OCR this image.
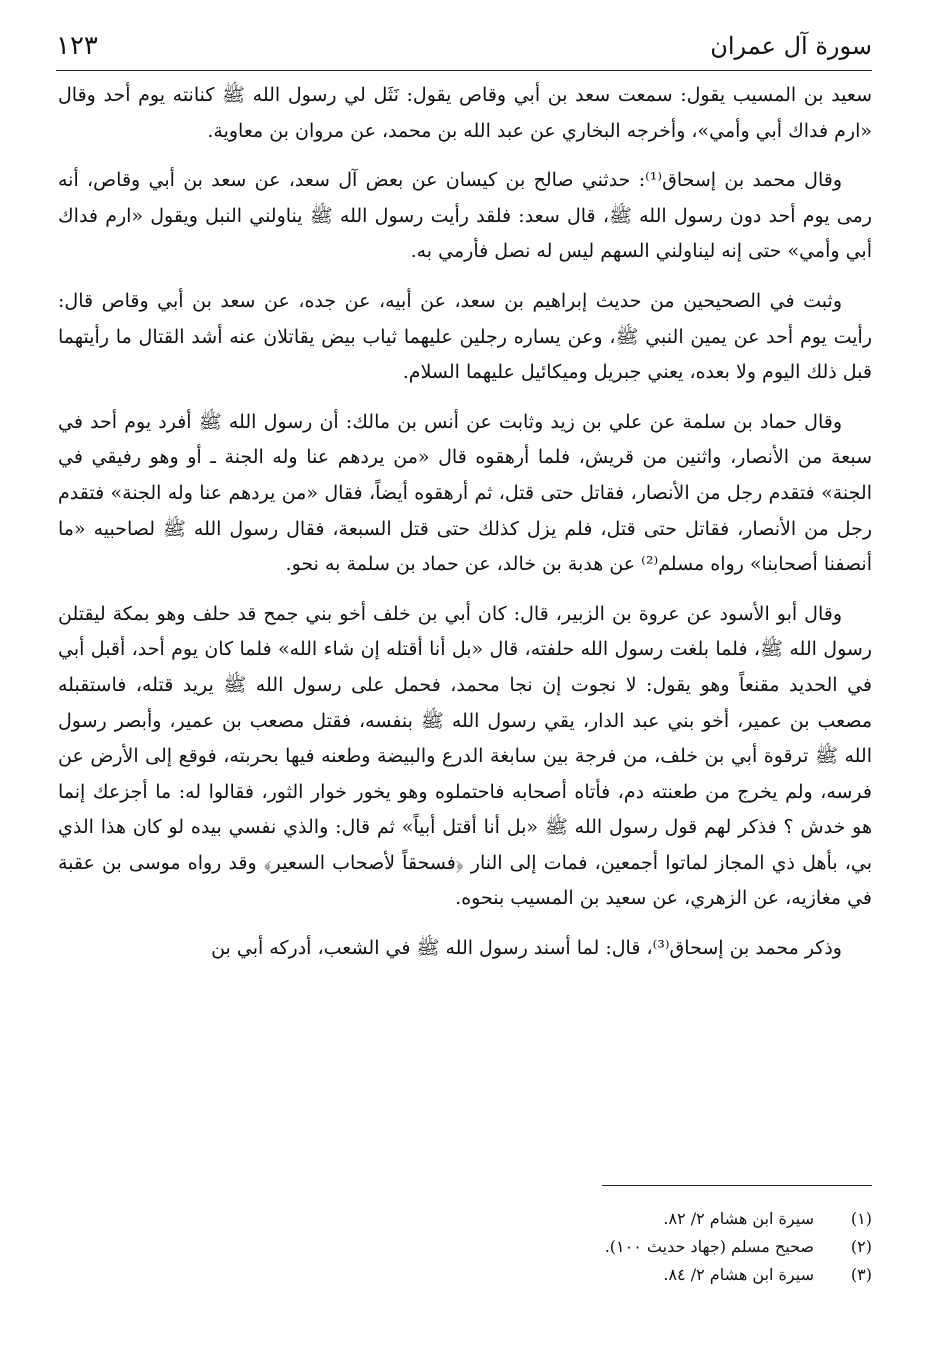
سورة آل عمران
١٢٣

سعيد بن المسيب يقول: سمعت سعد بن أبي وقاص يقول: نَثَل لي رسول الله ﷺ كنانته يوم أحد وقال «ارم فداك أبي وأمي»، وأخرجه البخاري عن عبد الله بن محمد، عن مروان بن معاوية.

وقال محمد بن إسحاق⁽¹⁾: حدثني صالح بن كيسان عن بعض آل سعد، عن سعد بن أبي وقاص، أنه رمى يوم أحد دون رسول الله ﷺ، قال سعد: فلقد رأيت رسول الله ﷺ يناولني النبل ويقول «ارم فداك أبي وأمي» حتى إنه ليناولني السهم ليس له نصل فأرمي به.

وثبت في الصحيحين من حديث إبراهيم بن سعد، عن أبيه، عن جده، عن سعد بن أبي وقاص قال: رأيت يوم أحد عن يمين النبي ﷺ، وعن يساره رجلين عليهما ثياب بيض يقاتلان عنه أشد القتال ما رأيتهما قبل ذلك اليوم ولا بعده، يعني جبريل وميكائيل عليهما السلام.

وقال حماد بن سلمة عن علي بن زيد وثابت عن أنس بن مالك: أن رسول الله ﷺ أفرد يوم أحد في سبعة من الأنصار، واثنين من قريش، فلما أرهقوه قال «من يردهم عنا وله الجنة ـ أو وهو رفيقي في الجنة» فتقدم رجل من الأنصار، فقاتل حتى قتل، ثم أرهقوه أيضاً، فقال «من يردهم عنا وله الجنة» فتقدم رجل من الأنصار، فقاتل حتى قتل، فلم يزل كذلك حتى قتل السبعة، فقال رسول الله ﷺ لصاحبيه «ما أنصفنا أصحابنا» رواه مسلم⁽²⁾ عن هدبة بن خالد، عن حماد بن سلمة به نحو.

وقال أبو الأسود عن عروة بن الزبير، قال: كان أبي بن خلف أخو بني جمح قد حلف وهو بمكة ليقتلن رسول الله ﷺ، فلما بلغت رسول الله حلفته، قال «بل أنا أقتله إن شاء الله» فلما كان يوم أحد، أقبل أبي في الحديد مقنعاً وهو يقول: لا نجوت إن نجا محمد، فحمل على رسول الله ﷺ يريد قتله، فاستقبله مصعب بن عمير، أخو بني عبد الدار، يقي رسول الله ﷺ بنفسه، فقتل مصعب بن عمير، وأبصر رسول الله ﷺ ترقوة أبي بن خلف، من فرجة بين سابغة الدرع والبيضة وطعنه فيها بحربته، فوقع إلى الأرض عن فرسه، ولم يخرج من طعنته دم، فأتاه أصحابه فاحتملوه وهو يخور خوار الثور، فقالوا له: ما أجزعك إنما هو خدش ؟ فذكر لهم قول رسول الله ﷺ «بل أنا أقتل أبياً» ثم قال: والذي نفسي بيده لو كان هذا الذي بي، بأهل ذي المجاز لماتوا أجمعين، فمات إلى النار ﴿فسحقاً لأصحاب السعير﴾ وقد رواه موسى بن عقبة في مغازيه، عن الزهري، عن سعيد بن المسيب بنحوه.

وذكر محمد بن إسحاق⁽³⁾، قال: لما أسند رسول الله ﷺ في الشعب، أدركه أبي بن

(١)
سيرة ابن هشام ٢/ ٨٢.
(٢)
صحيح مسلم (جهاد حديث ١٠٠).
(٣)
سيرة ابن هشام ٢/ ٨٤.
